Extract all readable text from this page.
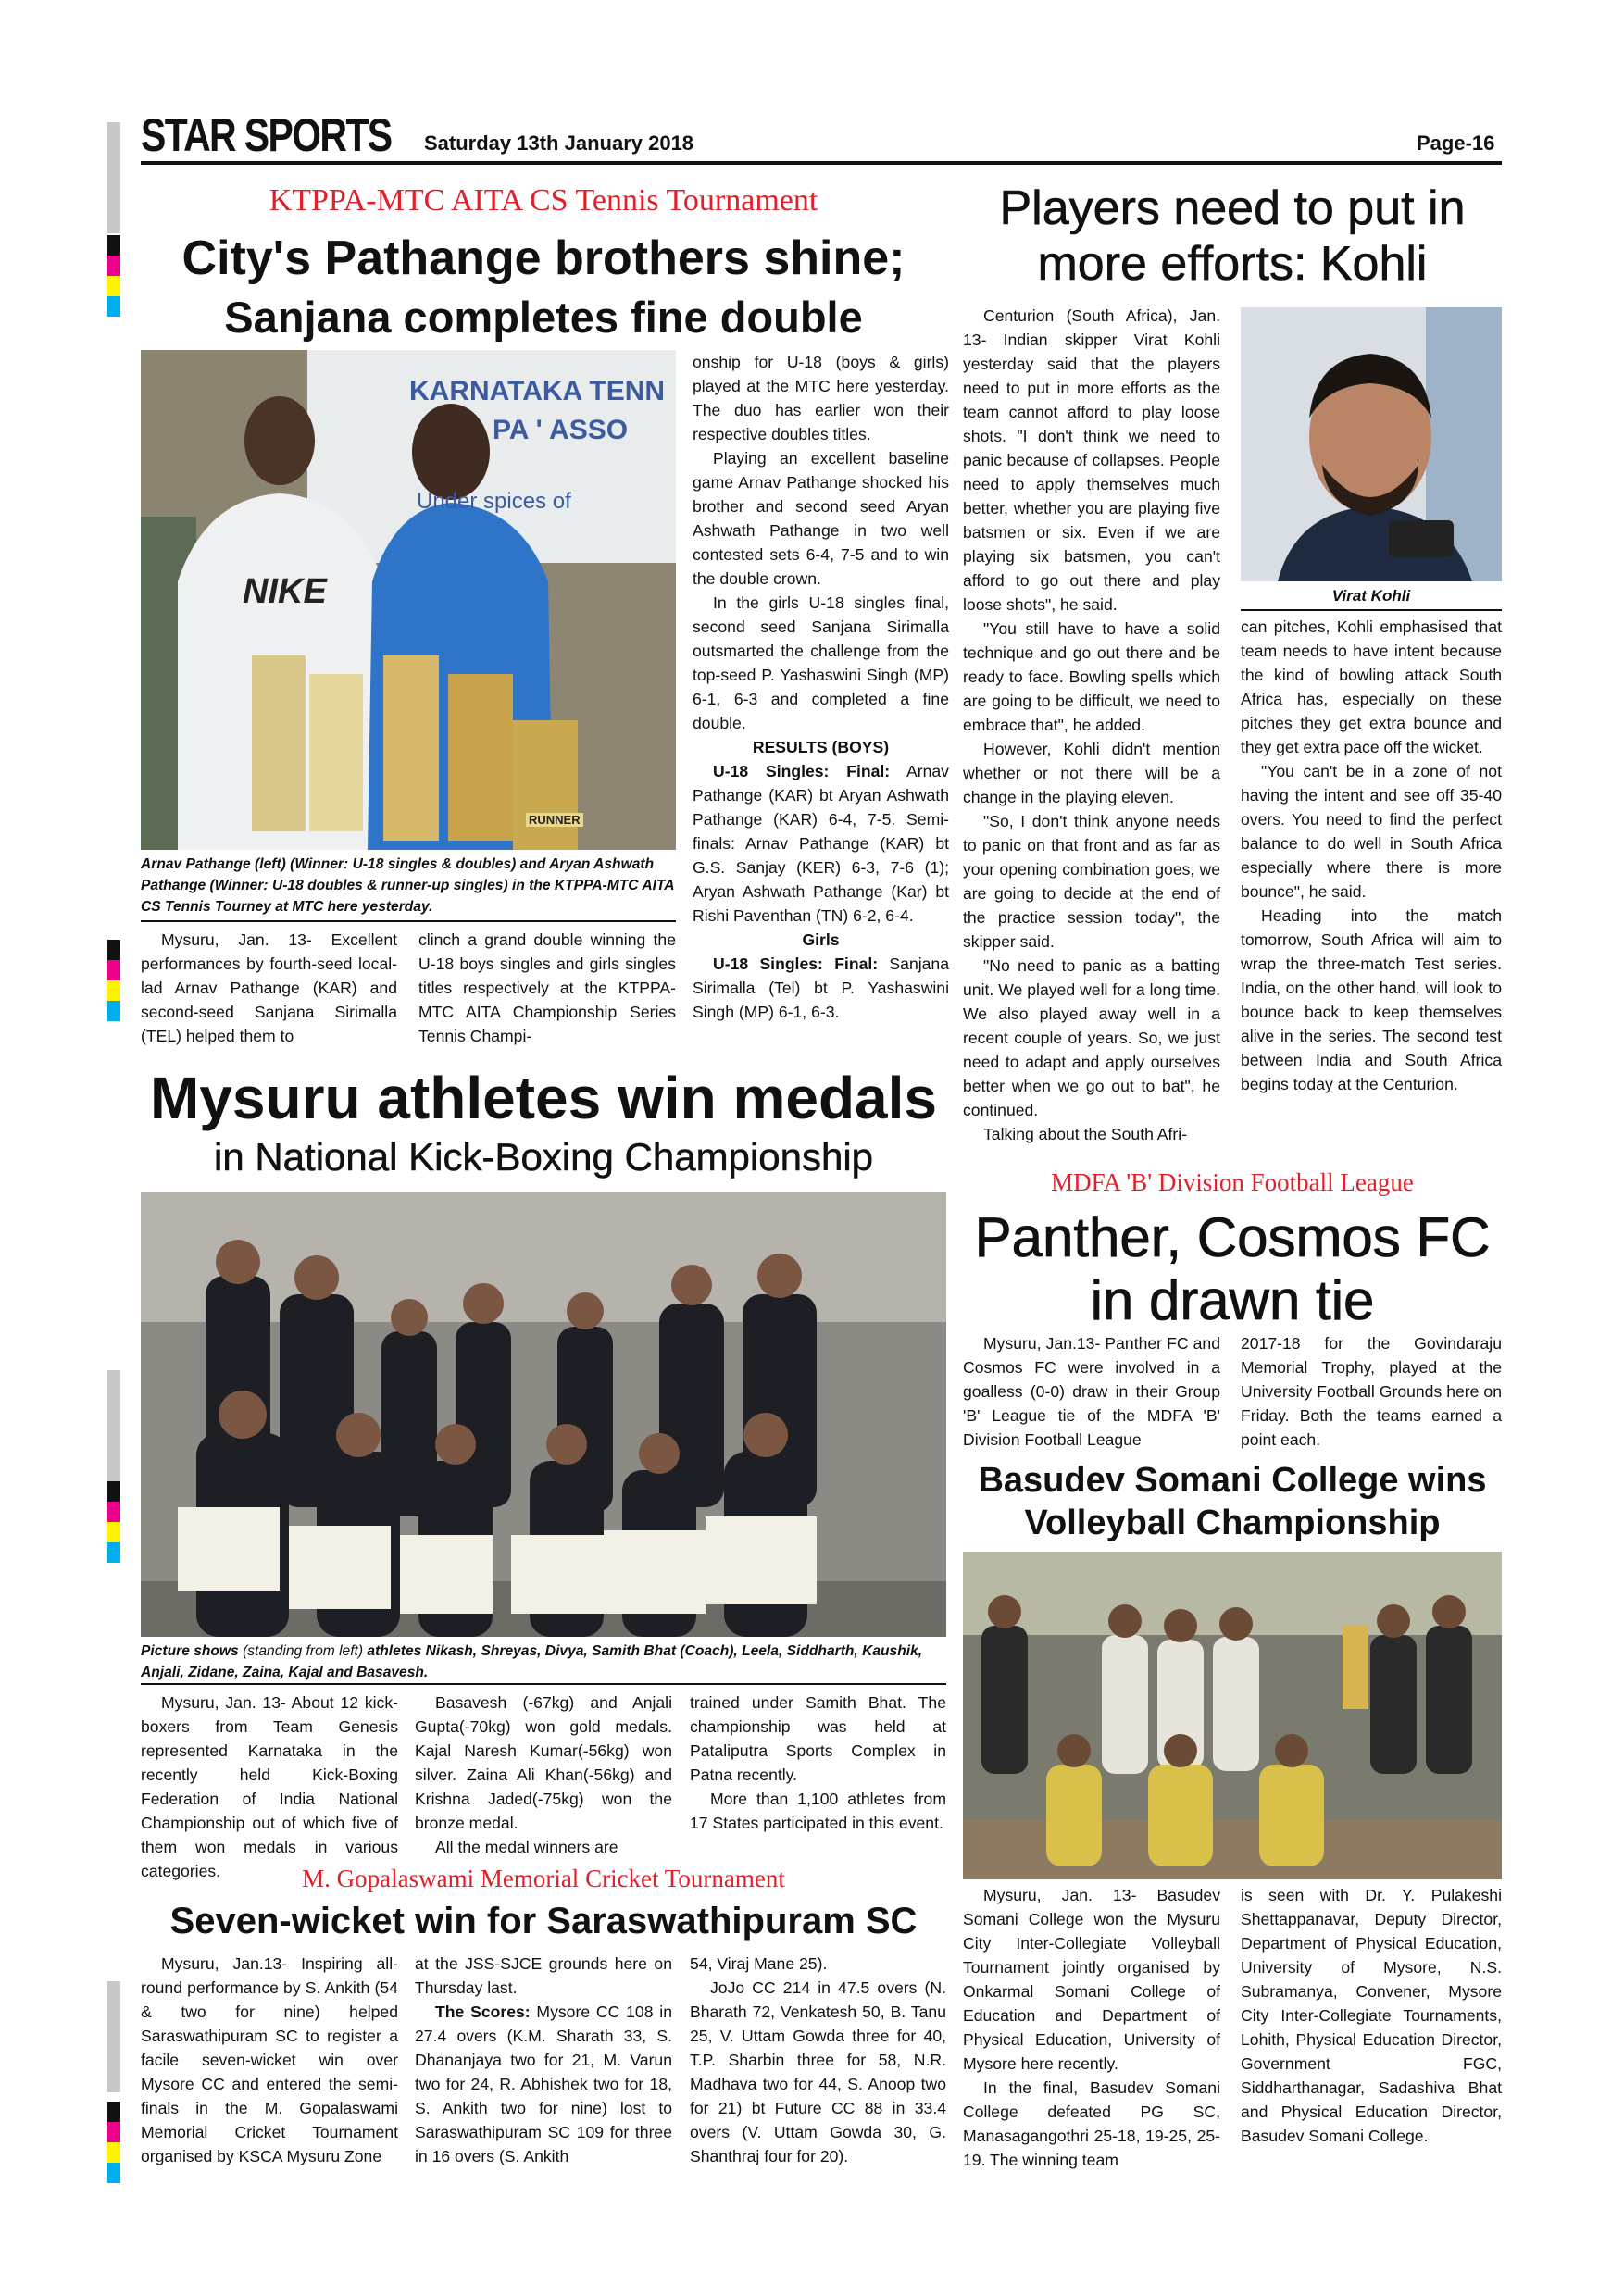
STAR SPORTS Saturday 13th January 2018	Page-16
KTPPA-MTC AITA CS Tennis Tournament
City's Pathange brothers shine;
Sanjana completes fine double
KARNATAKA TENN
PA ' ASSO
Under spices of
NIKE
RUNNER
Arnav Pathange (left) (Winner: U-18 singles & doubles) and Aryan Ashwath Pathange (Winner: U-18 doubles & runner-up singles) in the KTPPA-MTC AITA CS Tennis Tourney at MTC here yesterday.

Mysuru, Jan. 13- Excellent performances by fourth-seed local-lad Arnav Pathange (KAR) and second-seed Sanjana Sirimalla (TEL) helped them to

clinch a grand double winning the U-18 boys singles and girls singles titles respectively at the KTPPA-MTC AITA Championship Series Tennis Champi-

onship for U-18 (boys & girls) played at the MTC here yesterday. The duo has earlier won their respective doubles titles.

Playing an excellent baseline game Arnav Pathange shocked his brother and second seed Aryan Ashwath Pathange in two well contested sets 6-4, 7-5 and to win the double crown.

In the girls U-18 singles final, second seed Sanjana Sirimalla outsmarted the challenge from the top-seed P. Yashaswini Singh (MP) 6-1, 6-3 and completed a fine double.

RESULTS (BOYS)

U-18 Singles: Final: Arnav Pathange (KAR) bt Aryan Ashwath Pathange (KAR) 6-4, 7-5. Semi-finals: Arnav Pathange (KAR) bt G.S. Sanjay (KER) 6-3, 7-6 (1); Aryan Ashwath Pathange (Kar) bt Rishi Paventhan (TN) 6-2, 6-4.

Girls

U-18 Singles: Final: Sanjana Sirimalla (Tel) bt P. Yashaswini Singh (MP) 6-1, 6-3.

Players need to put in
more efforts: Kohli

Centurion (South Africa), Jan. 13- Indian skipper Virat Kohli yesterday said that the players need to put in more efforts as the team cannot afford to play loose shots. "I don't think we need to panic because of collapses. People need to apply themselves much better, whether you are playing five batsmen or six. Even if we are playing six batsmen, you can't afford to go out there and play loose shots", he said.

"You still have to have a solid technique and go out there and be ready to face. Bowling spells which are going to be difficult, we need to embrace that", he added.

However, Kohli didn't mention whether or not there will be a change in the playing eleven.

"So, I don't think anyone needs to panic on that front and as far as your opening combination goes, we are going to decide at the end of the practice session today", the skipper said.

"No need to panic as a batting unit. We played well for a long time. We also played away well in a recent couple of years. So, we just need to adapt and apply ourselves better when we go out to bat", he continued.

Talking about the South Afri-

Virat Kohli

can pitches, Kohli emphasised that team needs to have intent because the kind of bowling attack South Africa has, especially on these pitches they get extra bounce and they get extra pace off the wicket.

"You can't be in a zone of not having the intent and see off 35-40 overs. You need to find the perfect balance to do well in South Africa especially where there is more bounce", he said.

Heading into the match tomorrow, South Africa will aim to wrap the three-match Test series. India, on the other hand, will look to bounce back to keep themselves alive in the series. The second test between India and South Africa begins today at the Centurion.

Mysuru athletes win medals
in National Kick-Boxing Championship
Picture shows (standing from left) athletes Nikash, Shreyas, Divya, Samith Bhat (Coach), Leela, Siddharth, Kaushik, Anjali, Zidane, Zaina, Kajal and Basavesh.

Mysuru, Jan. 13- About 12 kick-boxers from Team Genesis represented Karnataka in the recently held Kick-Boxing Federation of India National Championship out of which five of them won medals in various categories.

Basavesh (-67kg) and Anjali Gupta(-70kg) won gold medals. Kajal Naresh Kumar(-56kg) won silver. Zaina Ali Khan(-56kg) and Krishna Jaded(-75kg) won the bronze medal.

All the medal winners are

trained under Samith Bhat. The championship was held at Pataliputra Sports Complex in Patna recently.

More than 1,100 athletes from 17 States participated in this event.

MDFA 'B' Division Football League
Panther, Cosmos FC
in drawn tie

Mysuru, Jan.13- Panther FC and Cosmos FC were involved in a goalless (0-0) draw in their Group 'B' League tie of the MDFA 'B' Division Football League

2017-18 for the Govindaraju Memorial Trophy, played at the University Football Grounds here on Friday. Both the teams earned a point each.

Basudev Somani College wins
Volleyball Championship

Mysuru, Jan. 13- Basudev Somani College won the Mysuru City Inter-Collegiate Volleyball Tournament jointly organised by Onkarmal Somani College of Education and Department of Physical Education, University of Mysore here recently.

In the final, Basudev Somani College defeated PG SC, Manasagangothri 25-18, 19-25, 25-19. The winning team

is seen with Dr. Y. Pulakeshi Shettappanavar, Deputy Director, Department of Physical Education, University of Mysore, N.S. Subramanya, Convener, Mysore City Inter-Collegiate Tournaments, Lohith, Physical Education Director, Government FGC, Siddharthanagar, Sadashiva Bhat and Physical Education Director, Basudev Somani College.

M. Gopalaswami Memorial Cricket Tournament
Seven-wicket win for Saraswathipuram SC

Mysuru, Jan.13- Inspiring all-round performance by S. Ankith (54 & two for nine) helped Saraswathipuram SC to register a facile seven-wicket win over Mysore CC and entered the semi-finals in the M. Gopalaswami Memorial Cricket Tournament organised by KSCA Mysuru Zone

at the JSS-SJCE grounds here on Thursday last.

The Scores: Mysore CC 108 in 27.4 overs (K.M. Sharath 33, S. Dhananjaya two for 21, M. Varun two for 24, R. Abhishek two for 18, S. Ankith two for nine) lost to Saraswathipuram SC 109 for three in 16 overs (S. Ankith

54, Viraj Mane 25).

JoJo CC 214 in 47.5 overs (N. Bharath 72, Venkatesh 50, B. Tanu 25, V. Uttam Gowda three for 40, T.P. Sharbin three for 58, N.R. Madhava two for 44, S. Anoop two for 21) bt Future CC 88 in 33.4 overs (V. Uttam Gowda 30, G. Shanthraj four for 20).
